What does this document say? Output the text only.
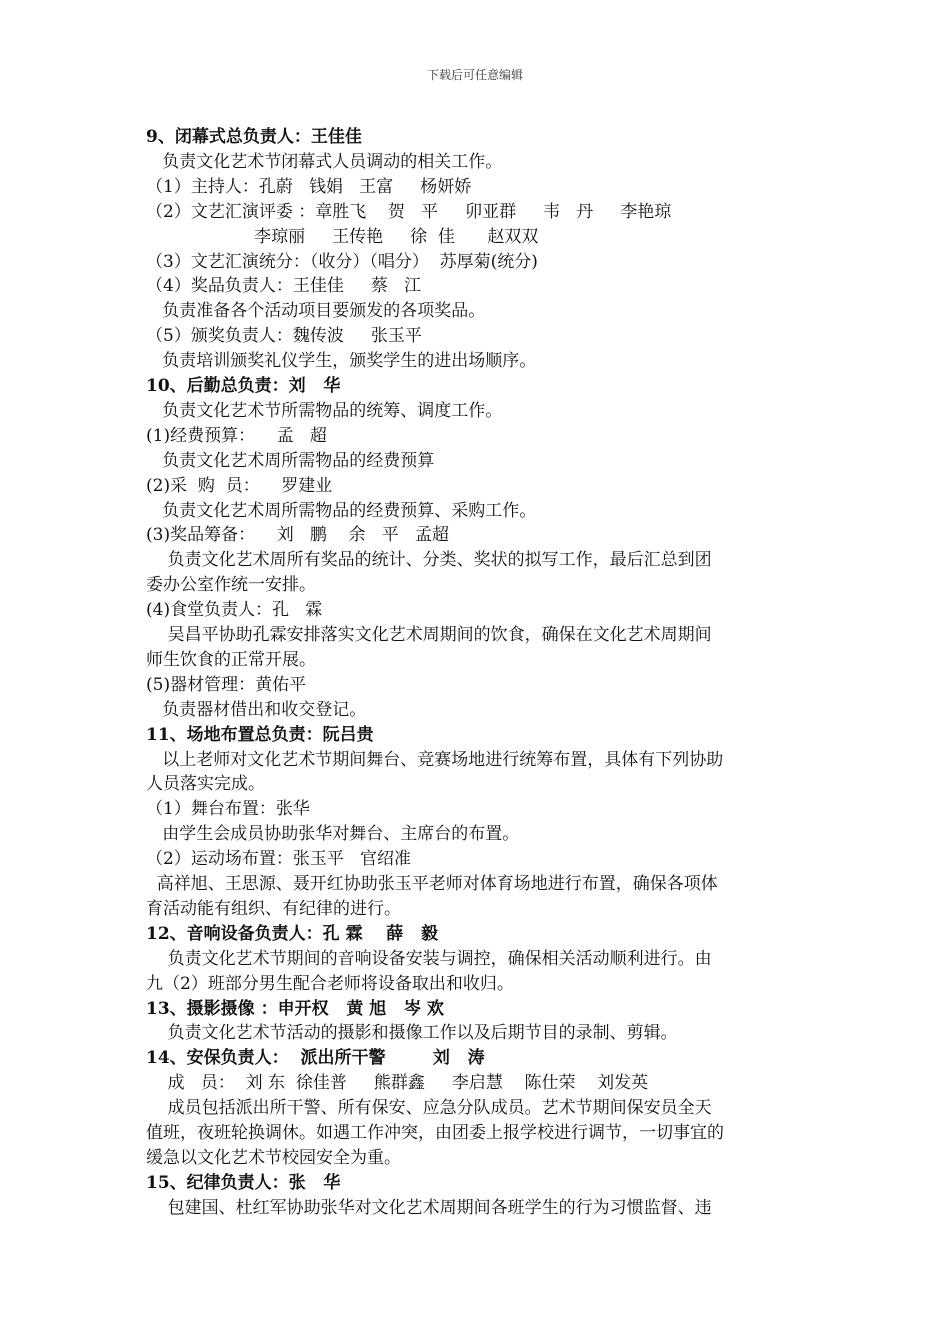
下载后可任意编辑
9、闭幕式总负责人：王佳佳
负责文化艺术节闭幕式人员调动的相关工作。
（1）主持人：孔蔚   钱娟   王富     杨妍娇
（2）文艺汇演评委 ：章胜飞    贺   平     卯亚群     韦   丹     李艳琼
李琼丽     王传艳     徐  佳      赵双双
（3）文艺汇演统分：（收分）（唱分）  苏厚菊(统分)
（4）奖品负责人：王佳佳     蔡   江
负责准备各个活动项目要颁发的各项奖品。
（5）颁奖负责人：魏传波     张玉平
负责培训颁奖礼仪学生，颁奖学生的进出场顺序。
10、后勤总负责：刘   华
负责文化艺术节所需物品的统筹、调度工作。
(1)经费预算：    孟   超
负责文化艺术周所需物品的经费预算
(2)采  购  员：    罗建业
负责文化艺术周所需物品的经费预算、采购工作。
(3)奖品筹备：    刘   鹏    余   平   孟超
负责文化艺术周所有奖品的统计、分类、奖状的拟写工作，最后汇总到团
委办公室作统一安排。
(4)食堂负责人：孔   霖
吴昌平协助孔霖安排落实文化艺术周期间的饮食，确保在文化艺术周期间
师生饮食的正常开展。
(5)器材管理：黄佑平
负责器材借出和收交登记。
11、场地布置总负责：阮吕贵
以上老师对文化艺术节期间舞台、竞赛场地进行统筹布置，具体有下列协助
人员落实完成。
（1）舞台布置：张华
由学生会成员协助张华对舞台、主席台的布置。
（2）运动场布置：张玉平   官绍准
高祥旭、王思源、聂开红协助张玉平老师对体育场地进行布置，确保各项体
育活动能有组织、有纪律的进行。
12、音响设备负责人：孔 霖    薛   毅
负责文化艺术节期间的音响设备安装与调控，确保相关活动顺利进行。由
九（2）班部分男生配合老师将设备取出和收归。
13、摄影摄像 ：申开权   黄 旭   岑 欢
负责文化艺术节活动的摄影和摄像工作以及后期节目的录制、剪辑。
14、安保负责人：  派出所干警        刘   涛
成   员：  刘 东  徐佳普     熊群鑫     李启慧    陈仕荣    刘发英
成员包括派出所干警、所有保安、应急分队成员。艺术节期间保安员全天
值班，夜班轮换调休。如遇工作冲突，由团委上报学校进行调节，一切事宜的
缓急以文化艺术节校园安全为重。
15、纪律负责人：张   华
包建国、杜红军协助张华对文化艺术周期间各班学生的行为习惯监督、违
